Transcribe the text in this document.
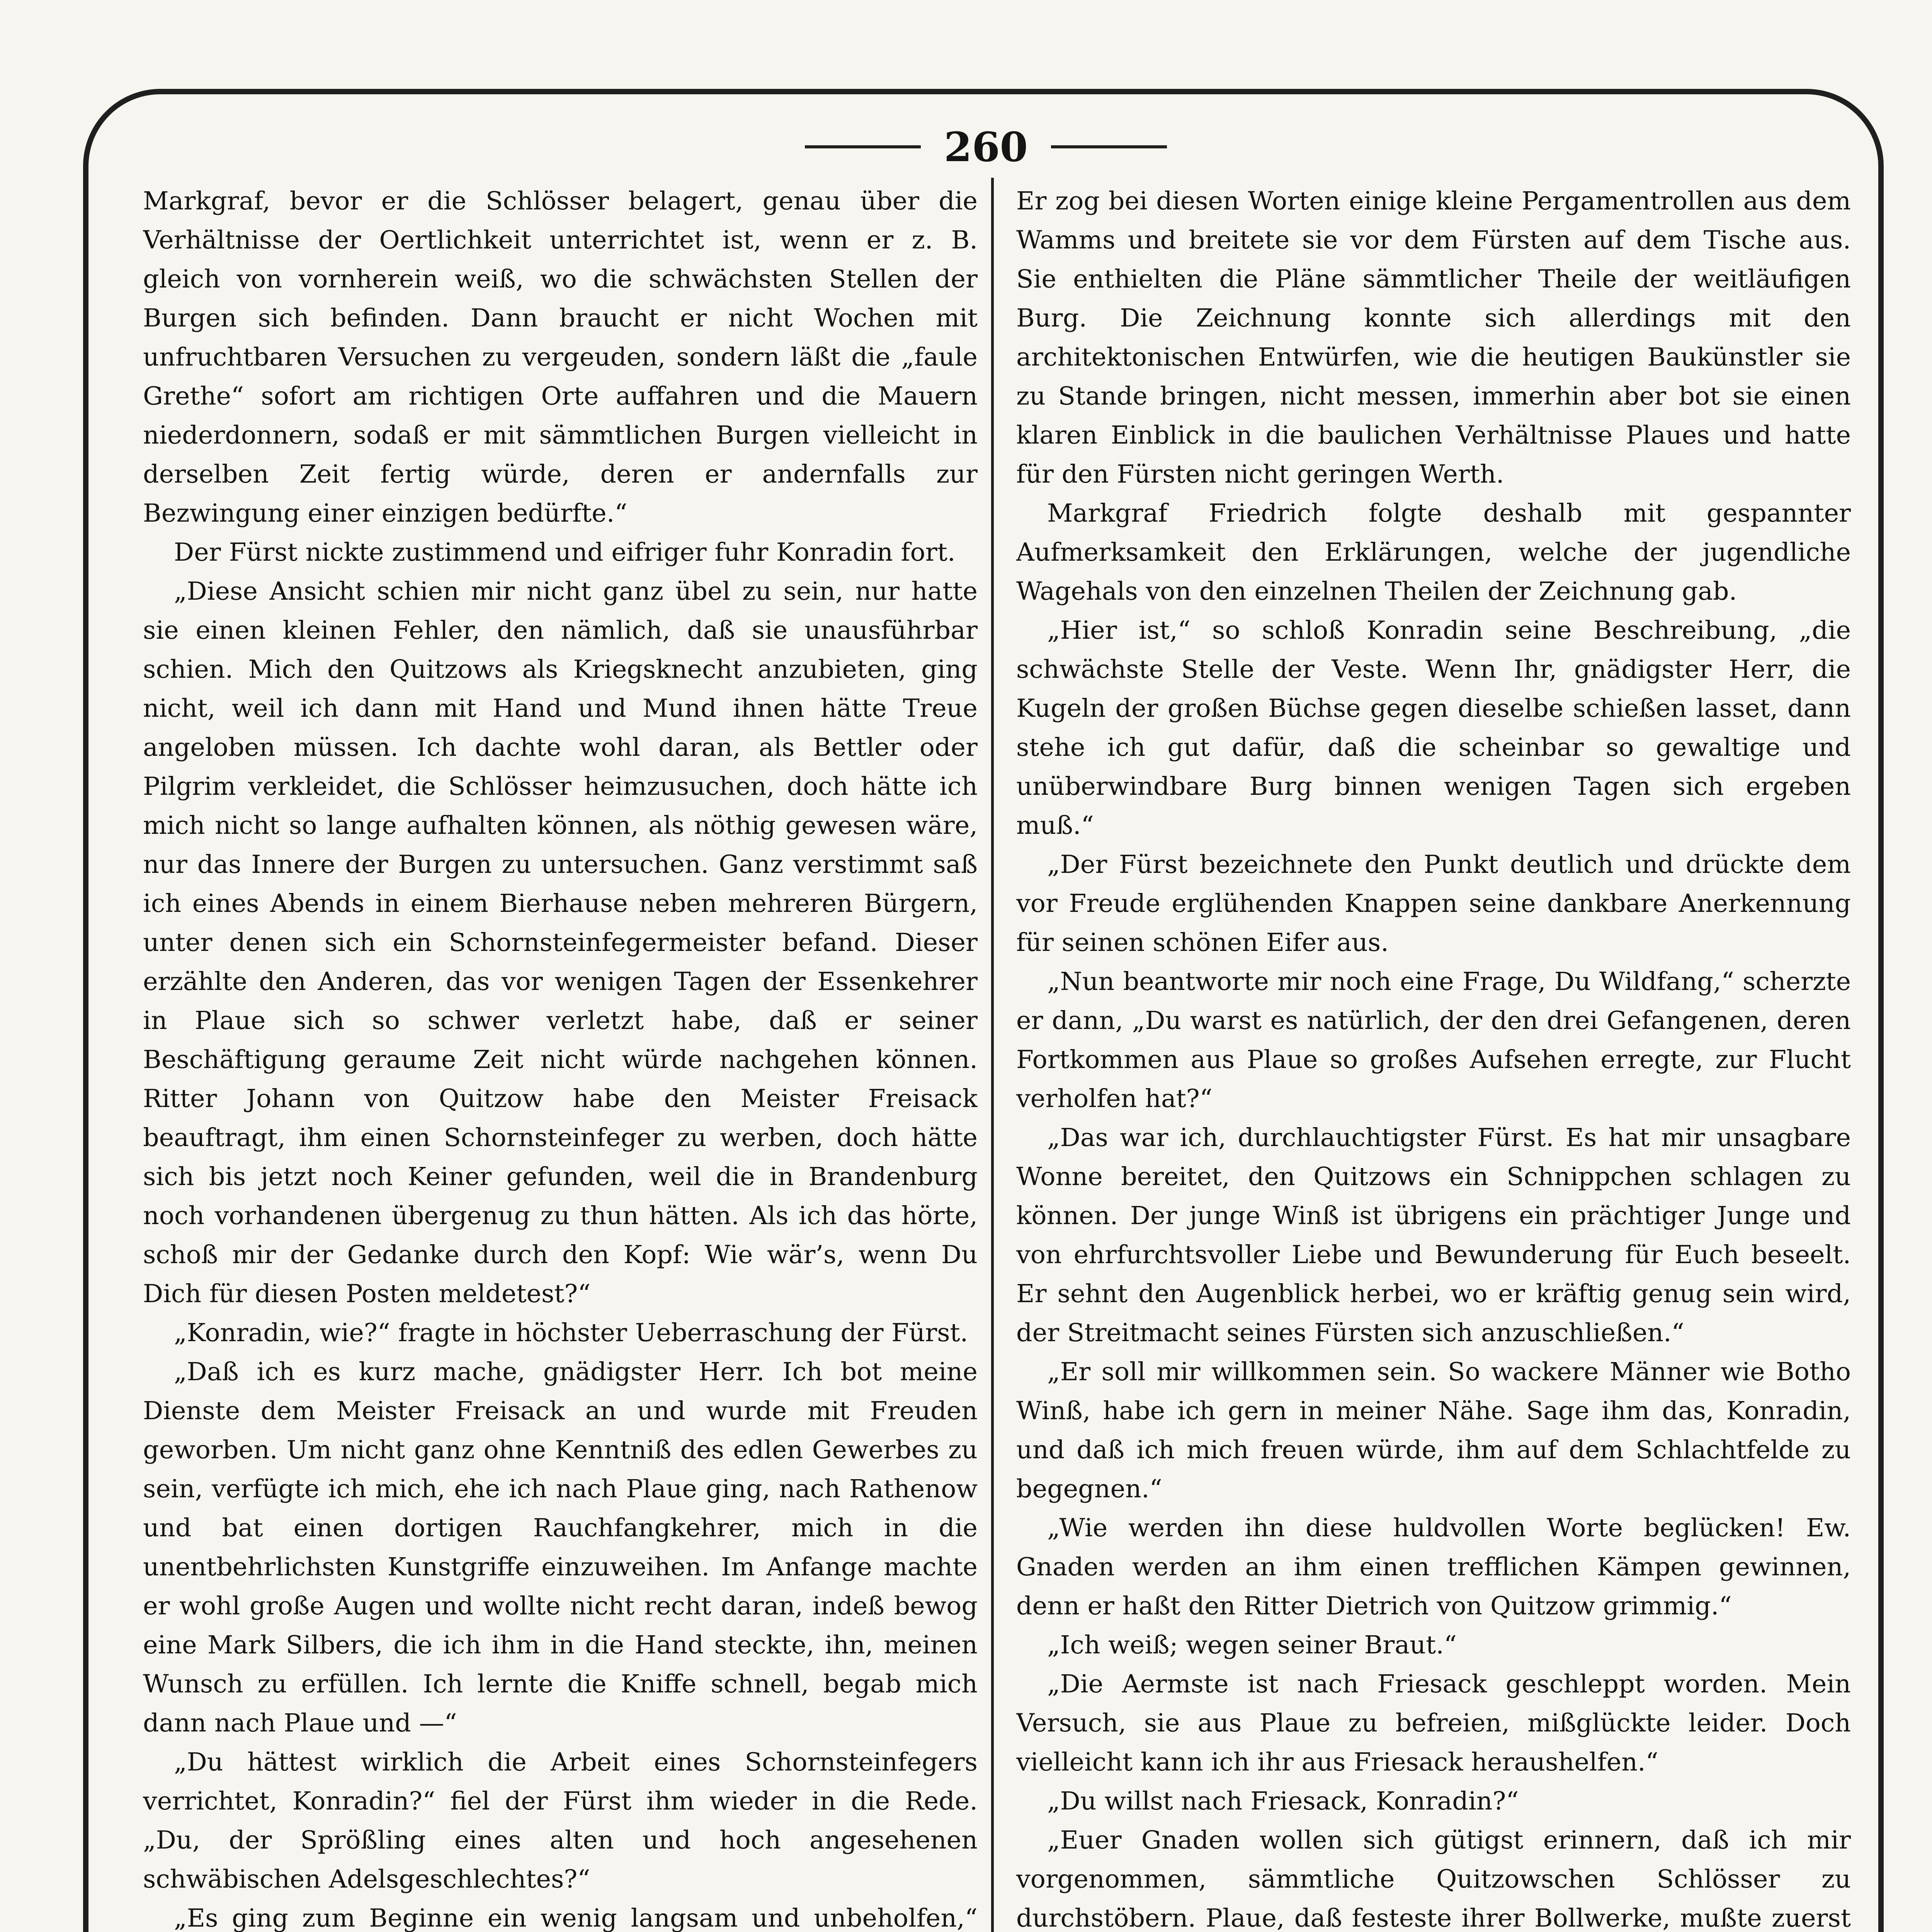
260

Markgraf, bevor er die Schlösser belagert, genau über die Verhältnisse der Oertlichkeit unterrichtet ist, wenn er z. B. gleich von vornherein weiß, wo die schwächsten Stellen der Burgen sich befinden. Dann braucht er nicht Wochen mit unfruchtbaren Versuchen zu vergeuden, sondern läßt die „faule Grethe“ sofort am richtigen Orte auffahren und die Mauern niederdonnern, sodaß er mit sämmtlichen Burgen vielleicht in derselben Zeit fertig würde, deren er andernfalls zur Bezwingung einer einzigen bedürfte.“

Der Fürst nickte zustimmend und eifriger fuhr Konradin fort.

„Diese Ansicht schien mir nicht ganz übel zu sein, nur hatte sie einen kleinen Fehler, den nämlich, daß sie unausführbar schien. Mich den Quitzows als Kriegsknecht anzubieten, ging nicht, weil ich dann mit Hand und Mund ihnen hätte Treue angeloben müssen. Ich dachte wohl daran, als Bettler oder Pilgrim verkleidet, die Schlösser heimzusuchen, doch hätte ich mich nicht so lange aufhalten können, als nöthig gewesen wäre, nur das Innere der Burgen zu untersuchen. Ganz verstimmt saß ich eines Abends in einem Bierhause neben mehreren Bürgern, unter denen sich ein Schornsteinfegermeister befand. Dieser erzählte den Anderen, das vor wenigen Tagen der Essenkehrer in Plaue sich so schwer verletzt habe, daß er seiner Beschäftigung geraume Zeit nicht würde nachgehen können. Ritter Johann von Quitzow habe den Meister Freisack beauftragt, ihm einen Schornsteinfeger zu werben, doch hätte sich bis jetzt noch Keiner gefunden, weil die in Brandenburg noch vorhandenen übergenug zu thun hätten. Als ich das hörte, schoß mir der Gedanke durch den Kopf: Wie wär’s, wenn Du Dich für diesen Posten meldetest?“

„Konradin, wie?“ fragte in höchster Ueberraschung der Fürst.

„Daß ich es kurz mache, gnädigster Herr. Ich bot meine Dienste dem Meister Freisack an und wurde mit Freuden geworben. Um nicht ganz ohne Kenntniß des edlen Gewerbes zu sein, verfügte ich mich, ehe ich nach Plaue ging, nach Rathenow und bat einen dortigen Rauchfangkehrer, mich in die unentbehrlichsten Kunstgriffe einzuweihen. Im Anfange machte er wohl große Augen und wollte nicht recht daran, indeß bewog eine Mark Silbers, die ich ihm in die Hand steckte, ihn, meinen Wunsch zu erfüllen. Ich lernte die Kniffe schnell, begab mich dann nach Plaue und —“

„Du hättest wirklich die Arbeit eines Schornsteinfegers verrichtet, Konradin?“ fiel der Fürst ihm wieder in die Rede. „Du, der Sprößling eines alten und hoch angesehenen schwäbischen Adelsgeschlechtes?“

„Es ging zum Beginne ein wenig langsam und unbeholfen,“

Er zog bei diesen Worten einige kleine Pergamentrollen aus dem Wamms und breitete sie vor dem Fürsten auf dem Tische aus. Sie enthielten die Pläne sämmtlicher Theile der weitläufigen Burg. Die Zeichnung konnte sich allerdings mit den architektonischen Entwürfen, wie die heutigen Baukünstler sie zu Stande bringen, nicht messen, immerhin aber bot sie einen klaren Einblick in die baulichen Verhältnisse Plaues und hatte für den Fürsten nicht geringen Werth.

Markgraf Friedrich folgte deshalb mit gespannter Aufmerksamkeit den Erklärungen, welche der jugendliche Wagehals von den einzelnen Theilen der Zeichnung gab.

„Hier ist,“ so schloß Konradin seine Beschreibung, „die schwächste Stelle der Veste. Wenn Ihr, gnädigster Herr, die Kugeln der großen Büchse gegen dieselbe schießen lasset, dann stehe ich gut dafür, daß die scheinbar so gewaltige und unüberwindbare Burg binnen wenigen Tagen sich ergeben muß.“

„Der Fürst bezeichnete den Punkt deutlich und drückte dem vor Freude erglühenden Knappen seine dankbare Anerkennung für seinen schönen Eifer aus.

„Nun beantworte mir noch eine Frage, Du Wildfang,“ scherzte er dann, „Du warst es natürlich, der den drei Gefangenen, deren Fortkommen aus Plaue so großes Aufsehen erregte, zur Flucht verholfen hat?“

„Das war ich, durchlauchtigster Fürst. Es hat mir unsagbare Wonne bereitet, den Quitzows ein Schnippchen schlagen zu können. Der junge Winß ist übrigens ein prächtiger Junge und von ehrfurchtsvoller Liebe und Bewunderung für Euch beseelt. Er sehnt den Augenblick herbei, wo er kräftig genug sein wird, der Streitmacht seines Fürsten sich anzuschließen.“

„Er soll mir willkommen sein. So wackere Männer wie Botho Winß, habe ich gern in meiner Nähe. Sage ihm das, Konradin, und daß ich mich freuen würde, ihm auf dem Schlachtfelde zu begegnen.“

„Wie werden ihn diese huldvollen Worte beglücken! Ew. Gnaden werden an ihm einen trefflichen Kämpen gewinnen, denn er haßt den Ritter Dietrich von Quitzow grimmig.“

„Ich weiß; wegen seiner Braut.“

„Die Aermste ist nach Friesack geschleppt worden. Mein Versuch, sie aus Plaue zu befreien, mißglückte leider. Doch vielleicht kann ich ihr aus Friesack heraushelfen.“

„Du willst nach Friesack, Konradin?“

„Euer Gnaden wollen sich gütigst erinnern, daß ich mir vorgenommen, sämmtliche Quitzowschen Schlösser zu durchstöbern. Plaue, daß festeste ihrer Bollwerke, mußte zuerst
